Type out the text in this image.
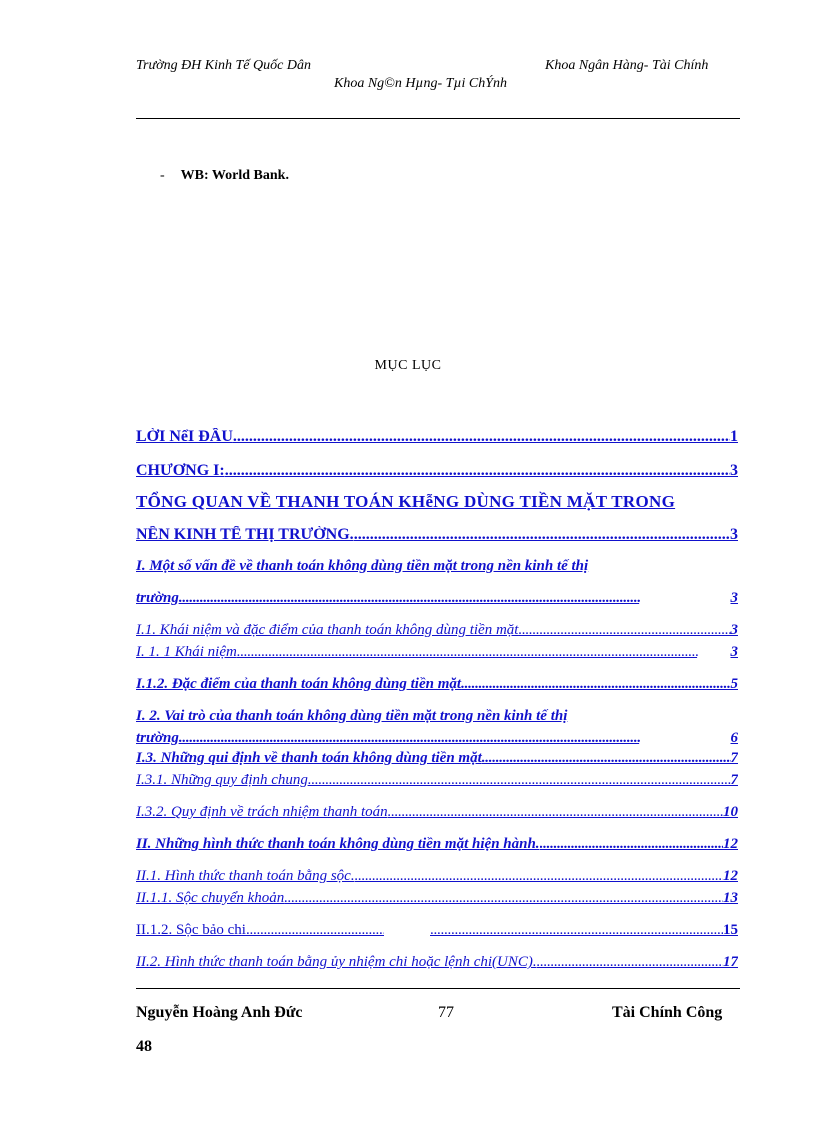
Trường ĐH Kinh Tế Quốc Dân	Khoa Ngân Hàng- Tài Chính
Khoa Ng©n Hµng- Tµi ChÝnh
- WB: World Bank.
MỤC LỤC
LỜI NểI ĐẦU . . .	1
CHƯƠNG I: . . .	3
TỔNG QUAN VỀ THANH TOÁN KHễNG DÙNG TIỀN MẶT TRONG
NỀN KINH TẾ THỊ TRƯỜNG. . . .	3
I. Một số vấn đề về thanh toán không dùng tiền mặt trong nền kinh tế thị
trường . . .	3
I.1. Khái niệm và đặc điểm của thanh toán không dùng tiền mặt . . .	3
I. 1. 1 Khái niệm . . .	3
I.1.2. Đặc điểm của thanh toán không dùng tiền mặt . . .	5
I. 2. Vai trò của thanh toán không dùng tiền mặt trong nền kinh tế thị
trường . . .	6
I.3. Những qui định về thanh toán không dùng tiền mặt . . .	7
I.3.1. Những quy định chung . . .	7
I.3.2. Quy định về trách nhiệm thanh toán . . .	10
II. Những hình thức thanh toán không dùng tiền mặt hiện hành. . . .	12
II.1. Hình thức thanh toán bằng sộc. . . .	12
II.1.1. Sộc chuyển khoản . . .	13
II.1.2. Sộc bảo chi . . . . . .	15
II.2. Hình thức thanh toán bằng ủy nhiệm chi hoặc lệnh chi(UNC). . . .	17
Nguyễn Hoàng Anh Đức	77	Tài Chính Công
48
